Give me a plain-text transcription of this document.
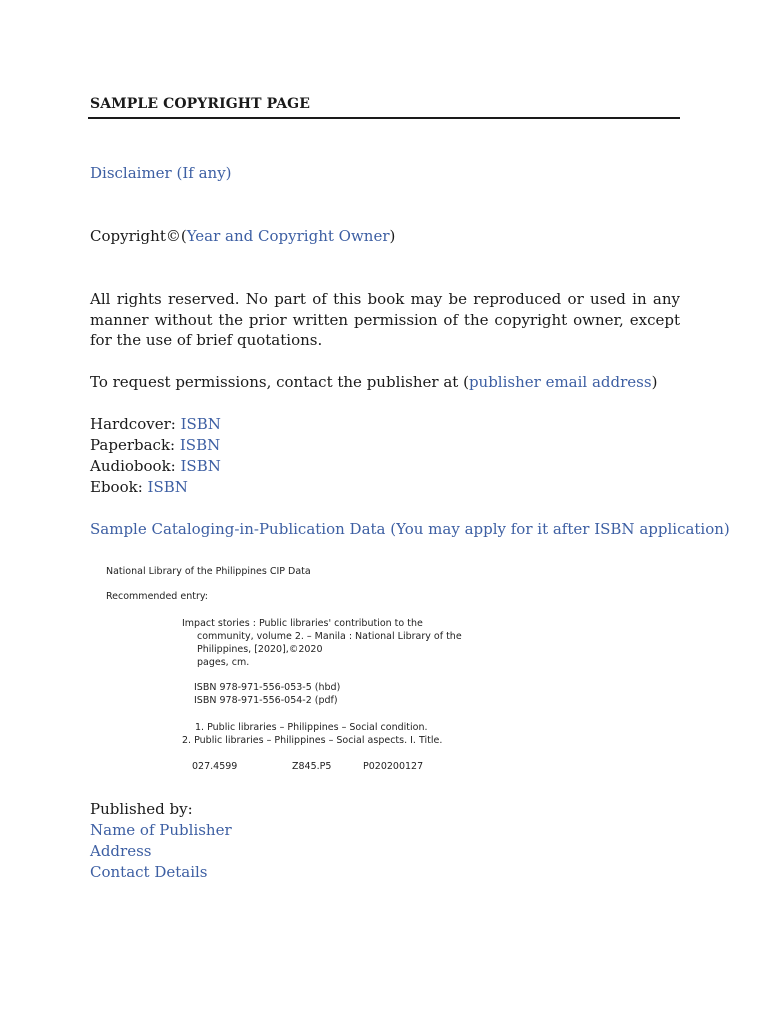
SAMPLE COPYRIGHT PAGE
Disclaimer (If any)
Copyright©(Year and Copyright Owner)
All rights reserved. No part of this book may be reproduced or used in any manner without the prior written permission of the copyright owner, except for the use of brief quotations.
To request permissions, contact the publisher at (publisher email address)
Hardcover: ISBN
Paperback: ISBN
Audiobook: ISBN
Ebook: ISBN
Sample Cataloging-in-Publication Data (You may apply for it after ISBN application)
National Library of the Philippines CIP Data
Recommended entry:
Impact stories : Public libraries' contribution to the
community, volume 2. – Manila : National Library of the
Philippines, [2020],©2020
pages, cm.
ISBN 978-971-556-053-5 (hbd)
ISBN 978-971-556-054-2 (pdf)
1. Public libraries – Philippines – Social condition.
2. Public libraries – Philippines – Social aspects. I. Title.
027.4599	Z845.P5	P020200127
Published by:
Name of Publisher
Address
Contact Details
